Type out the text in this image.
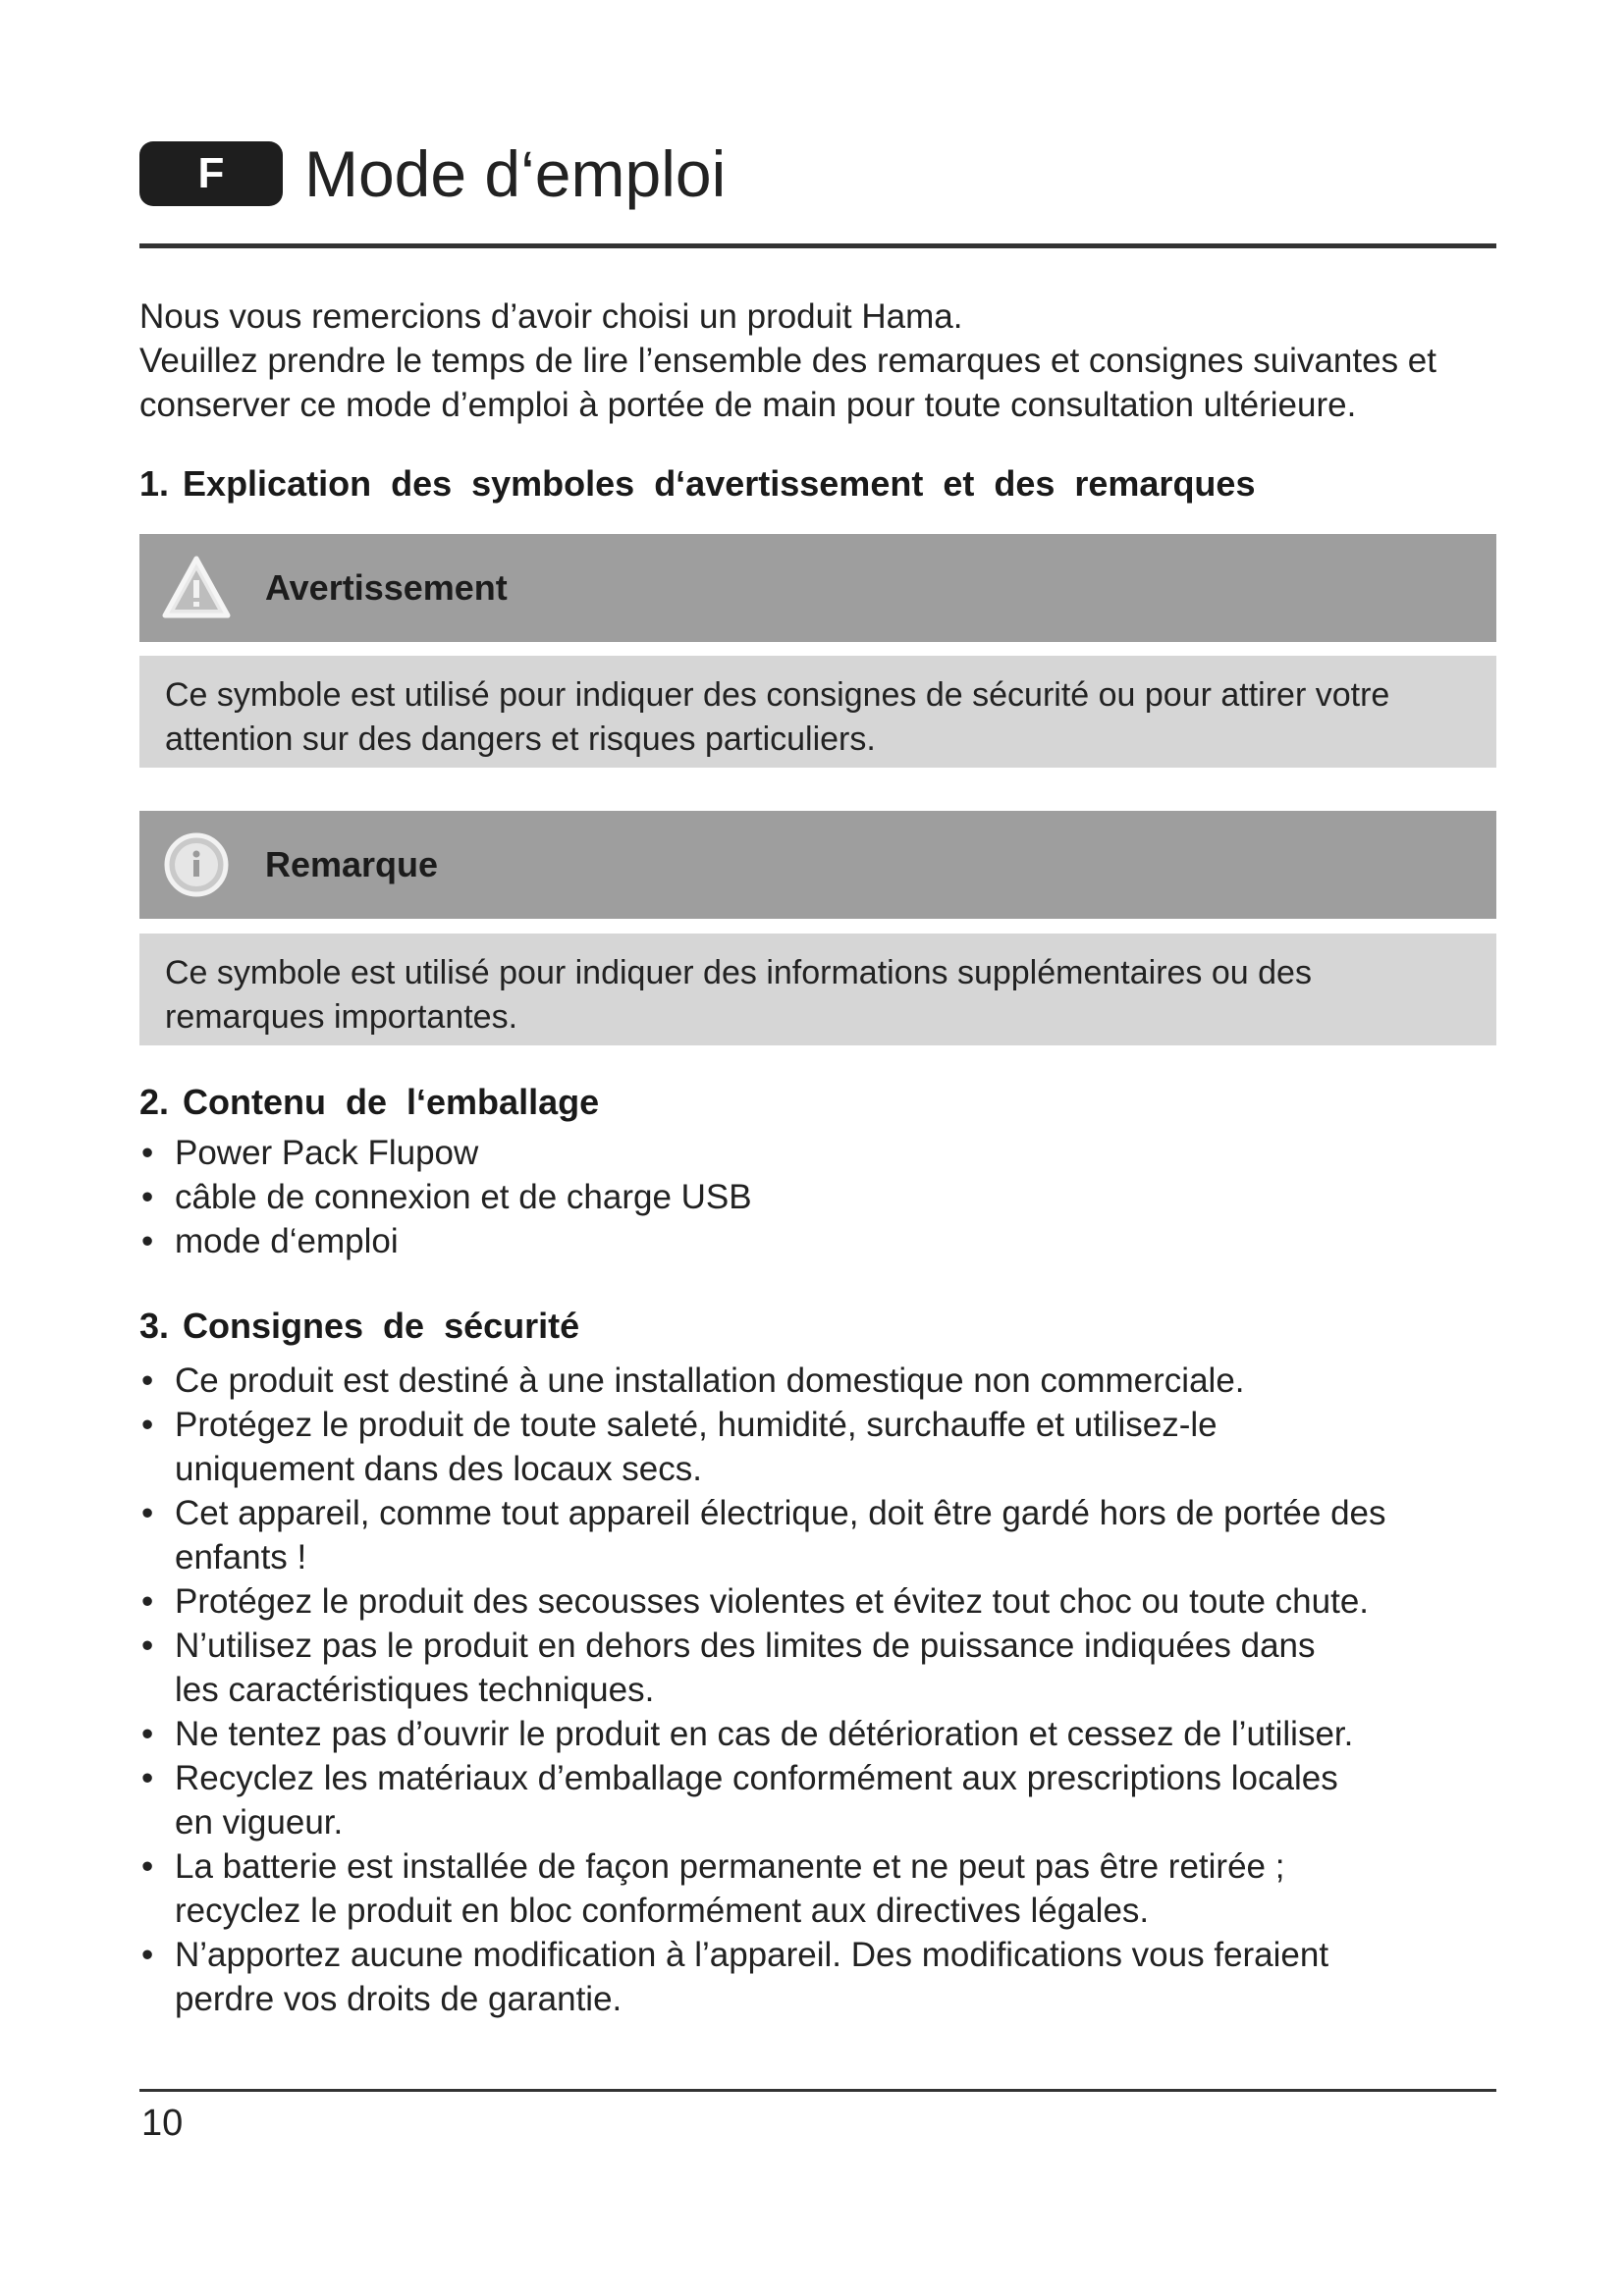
F	Mode d‘emploi

Nous vous remercions d’avoir choisi un produit Hama.

Veuillez prendre le temps de lire l’ensemble des remarques et consignes suivantes et conserver ce mode d’emploi à portée de main pour toute consultation ultérieure.

1. Explication des symboles d‘avertissement et des remarques
Avertissement
Ce symbole est utilisé pour indiquer des consignes de sécurité ou pour attirer votre attention sur des dangers et risques particuliers.
Remarque
Ce symbole est utilisé pour indiquer des informations supplémentaires ou des remarques importantes.
2. Contenu de l‘emballage
• Power Pack Flupow
• câble de connexion et de charge USB
• mode d‘emploi
3. Consignes de sécurité
• Ce produit est destiné à une installation domestique non commerciale.
• Protégez le produit de toute saleté, humidité, surchauffe et utilisez-le uniquement dans des locaux secs.
• Cet appareil, comme tout appareil électrique, doit être gardé hors de portée des enfants !
• Protégez le produit des secousses violentes et évitez tout choc ou toute chute.
• N’utilisez pas le produit en dehors des limites de puissance indiquées dans les caractéristiques techniques.
• Ne tentez pas d’ouvrir le produit en cas de détérioration et cessez de l’utiliser.
• Recyclez les matériaux d’emballage conformément aux prescriptions locales en vigueur.
• La batterie est installée de façon permanente et ne peut pas être retirée ; recyclez le produit en bloc conformément aux directives légales.
• N’apportez aucune modification à l’appareil. Des modifications vous feraient perdre vos droits de garantie.
10
